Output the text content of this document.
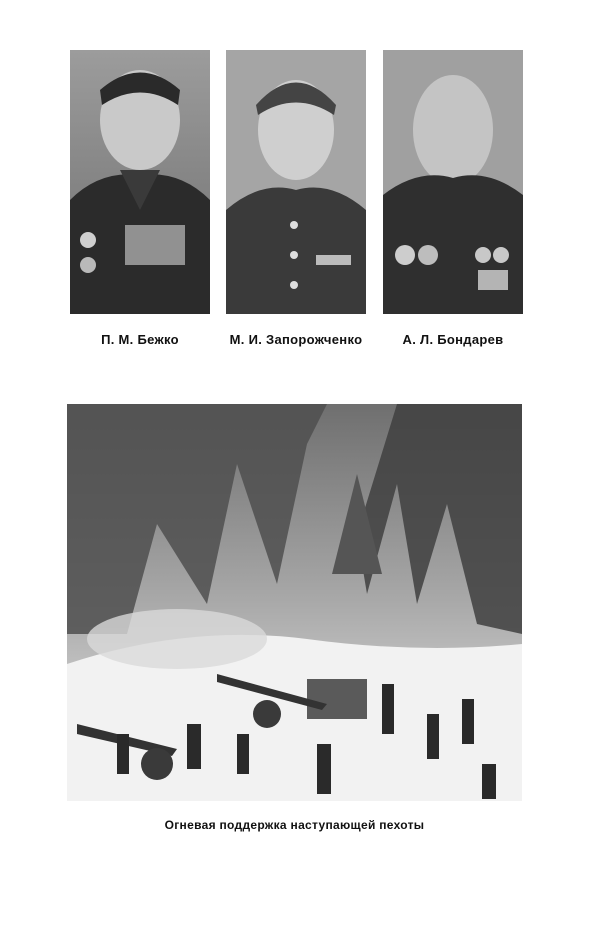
П. М. Бежко	М. И. Запорожченко	А. Л. Бондарев
Огневая поддержка наступающей пехоты
